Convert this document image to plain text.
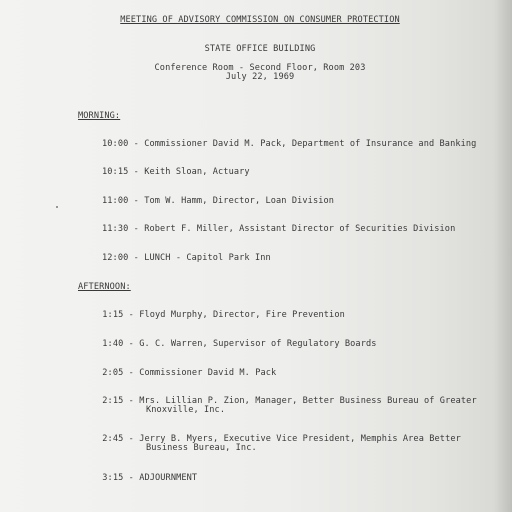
MEETING OF ADVISORY COMMISSION ON CONSUMER PROTECTION
STATE OFFICE BUILDING
Conference Room - Second Floor, Room 203
July 22, 1969
MORNING:
10:00 - Commissioner David M. Pack, Department of Insurance and Banking
10:15 - Keith Sloan, Actuary
11:00 - Tom W. Hamm, Director, Loan Division
11:30 - Robert F. Miller, Assistant Director of Securities Division
12:00 - LUNCH - Capitol Park Inn
AFTERNOON:
1:15 - Floyd Murphy, Director, Fire Prevention
1:40 - G. C. Warren, Supervisor of Regulatory Boards
2:05 - Commissioner David M. Pack
2:15 - Mrs. Lillian P. Zion, Manager, Better Business Bureau of Greater
Knoxville, Inc.
2:45 - Jerry B. Myers, Executive Vice President, Memphis Area Better
Business Bureau, Inc.
3:15 - ADJOURNMENT
